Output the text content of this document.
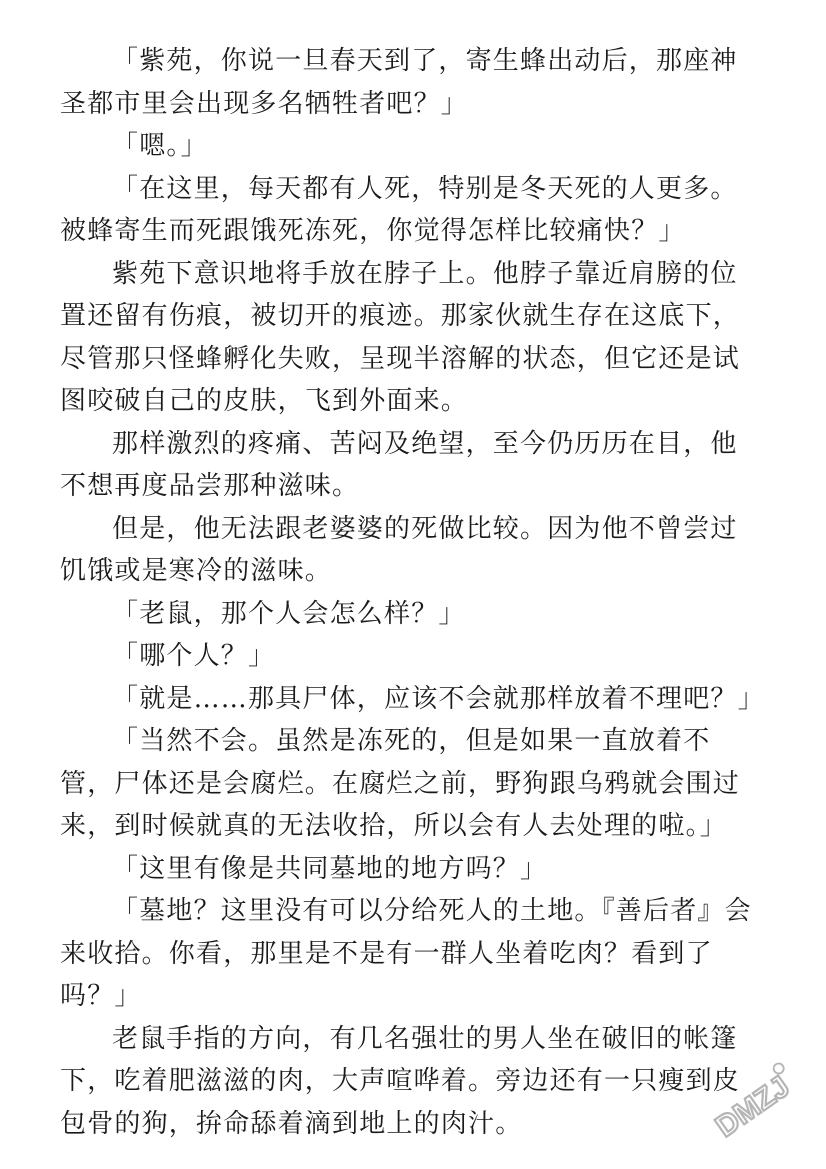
「紫苑，你说一旦春天到了，寄生蜂出动后，那座神圣都市里会出现多名牺牲者吧？」

「嗯。」

「在这里，每天都有人死，特别是冬天死的人更多。被蜂寄生而死跟饿死冻死，你觉得怎样比较痛快？」

紫苑下意识地将手放在脖子上。他脖子靠近肩膀的位置还留有伤痕，被切开的痕迹。那家伙就生存在这底下，尽管那只怪蜂孵化失败，呈现半溶解的状态，但它还是试图咬破自己的皮肤，飞到外面来。

那样激烈的疼痛、苦闷及绝望，至今仍历历在目，他不想再度品尝那种滋味。

但是，他无法跟老婆婆的死做比较。因为他不曾尝过饥饿或是寒冷的滋味。

「老鼠，那个人会怎么样？」

「哪个人？」

「就是……那具尸体，应该不会就那样放着不理吧？」

「当然不会。虽然是冻死的，但是如果一直放着不管，尸体还是会腐烂。在腐烂之前，野狗跟乌鸦就会围过来，到时候就真的无法收拾，所以会有人去处理的啦。」

「这里有像是共同墓地的地方吗？」

「墓地？这里没有可以分给死人的土地。『善后者』会来收拾。你看，那里是不是有一群人坐着吃肉？看到了吗？」

老鼠手指的方向，有几名强壮的男人坐在破旧的帐篷下，吃着肥滋滋的肉，大声喧哗着。旁边还有一只瘦到皮包骨的狗，拚命舔着滴到地上的肉汁。	DMZJ
